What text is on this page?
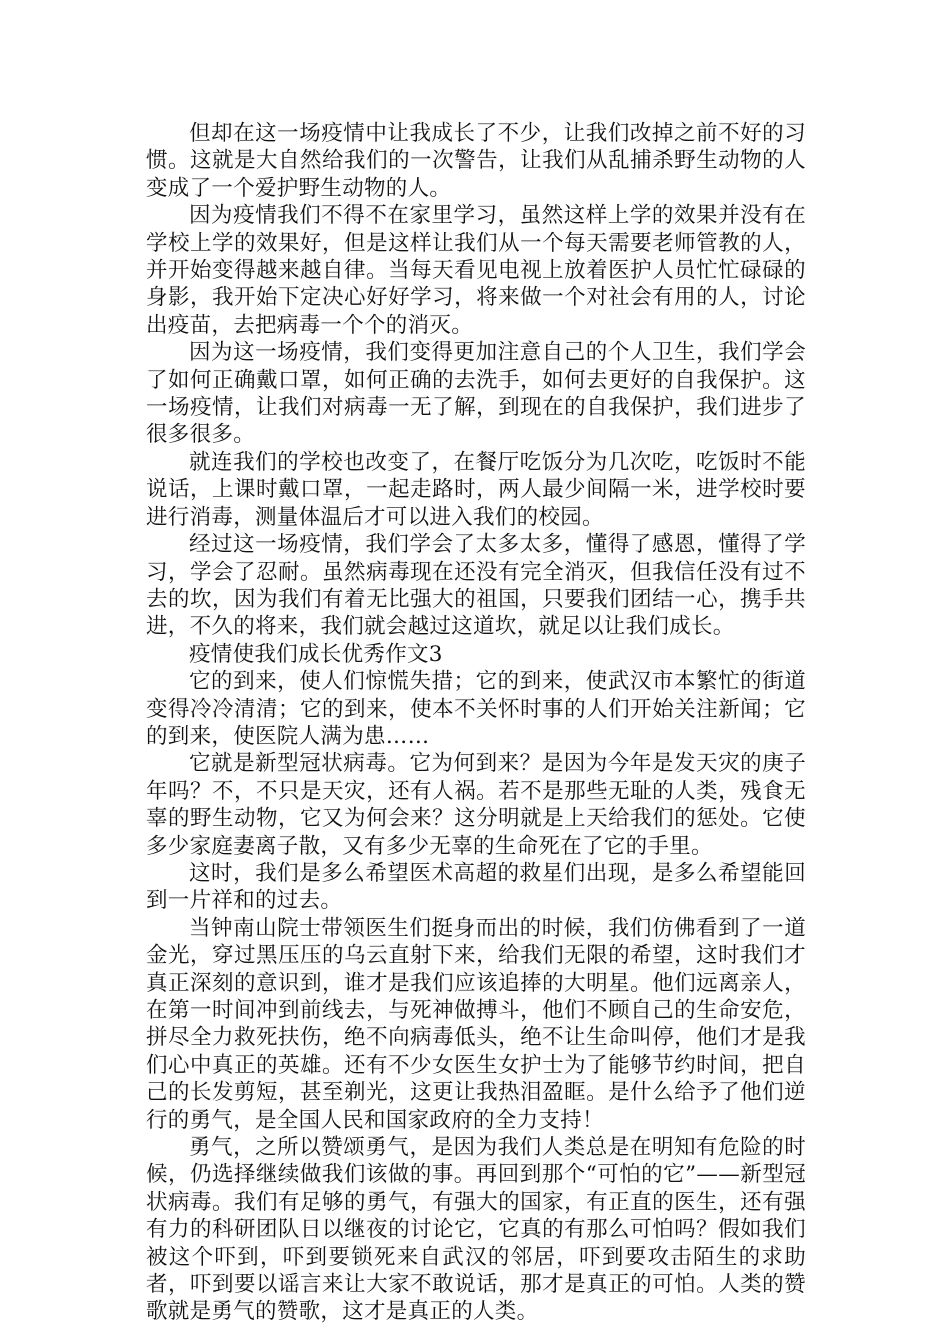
但却在这一场疫情中让我成长了不少，让我们改掉之前不好的习惯。这就是大自然给我们的一次警告，让我们从乱捕杀野生动物的人变成了一个爱护野生动物的人。

因为疫情我们不得不在家里学习，虽然这样上学的效果并没有在学校上学的效果好，但是这样让我们从一个每天需要老师管教的人，并开始变得越来越自律。当每天看见电视上放着医护人员忙忙碌碌的身影，我开始下定决心好好学习，将来做一个对社会有用的人，讨论出疫苗，去把病毒一个个的消灭。

因为这一场疫情，我们变得更加注意自己的个人卫生，我们学会了如何正确戴口罩，如何正确的去洗手，如何去更好的自我保护。这一场疫情，让我们对病毒一无了解，到现在的自我保护，我们进步了很多很多。

就连我们的学校也改变了，在餐厅吃饭分为几次吃，吃饭时不能说话，上课时戴口罩，一起走路时，两人最少间隔一米，进学校时要进行消毒，测量体温后才可以进入我们的校园。

经过这一场疫情，我们学会了太多太多，懂得了感恩，懂得了学习，学会了忍耐。虽然病毒现在还没有完全消灭，但我信任没有过不去的坎，因为我们有着无比强大的祖国，只要我们团结一心，携手共进，不久的将来，我们就会越过这道坎，就足以让我们成长。

疫情使我们成长优秀作文3

它的到来，使人们惊慌失措；它的到来，使武汉市本繁忙的街道变得冷冷清清；它的到来，使本不关怀时事的人们开始关注新闻；它的到来，使医院人满为患……

它就是新型冠状病毒。它为何到来？是因为今年是发天灾的庚子年吗？不，不只是天灾，还有人祸。若不是那些无耻的人类，残食无辜的野生动物，它又为何会来？这分明就是上天给我们的惩处。它使多少家庭妻离子散，又有多少无辜的生命死在了它的手里。

这时，我们是多么希望医术高超的救星们出现，是多么希望能回到一片祥和的过去。

当钟南山院士带领医生们挺身而出的时候，我们仿佛看到了一道金光，穿过黑压压的乌云直射下来，给我们无限的希望，这时我们才真正深刻的意识到，谁才是我们应该追捧的大明星。他们远离亲人，在第一时间冲到前线去，与死神做搏斗，他们不顾自己的生命安危，拼尽全力救死扶伤，绝不向病毒低头，绝不让生命叫停，他们才是我们心中真正的英雄。还有不少女医生女护士为了能够节约时间，把自己的长发剪短，甚至剃光，这更让我热泪盈眶。是什么给予了他们逆行的勇气，是全国人民和国家政府的全力支持！

勇气，之所以赞颂勇气，是因为我们人类总是在明知有危险的时候，仍选择继续做我们该做的事。再回到那个“可怕的它”——新型冠状病毒。我们有足够的勇气，有强大的国家，有正直的医生，还有强有力的科研团队日以继夜的讨论它，它真的有那么可怕吗？假如我们被这个吓到，吓到要锁死来自武汉的邻居，吓到要攻击陌生的求助者，吓到要以谣言来让大家不敢说话，那才是真正的可怕。人类的赞歌就是勇气的赞歌，这才是真正的人类。
